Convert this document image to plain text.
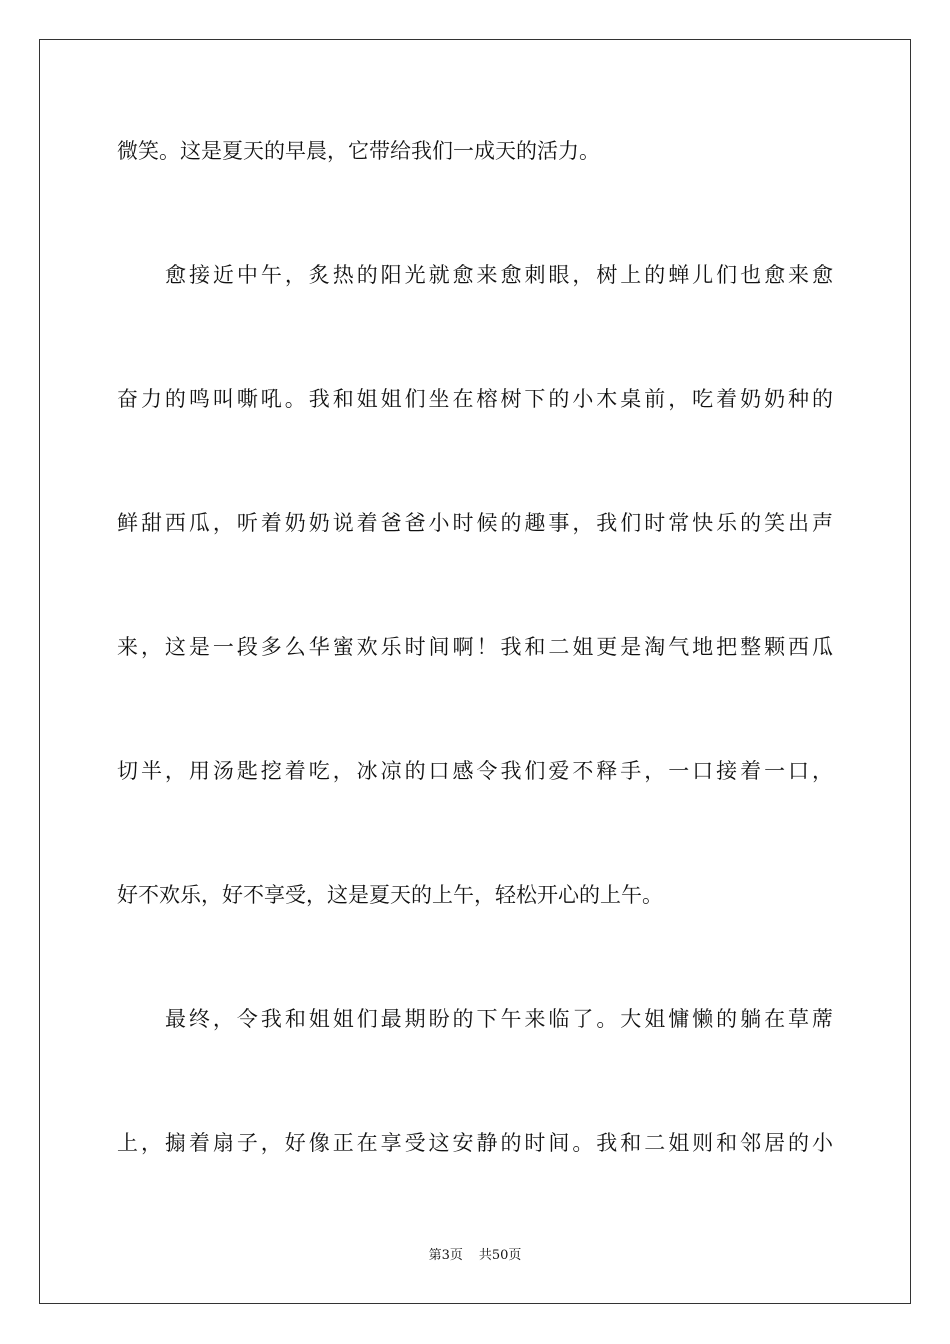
微笑。这是夏天的早晨，它带给我们一成天的活力。
愈接近中午，炙热的阳光就愈来愈刺眼，树上的蝉儿们也愈来愈
奋力的鸣叫嘶吼。我和姐姐们坐在榕树下的小木桌前，吃着奶奶种的
鲜甜西瓜，听着奶奶说着爸爸小时候的趣事，我们时常快乐的笑出声
来，这是一段多么华蜜欢乐时间啊！我和二姐更是淘气地把整颗西瓜
切半，用汤匙挖着吃，冰凉的口感令我们爱不释手，一口接着一口，
好不欢乐，好不享受，这是夏天的上午，轻松开心的上午。
最终，令我和姐姐们最期盼的下午来临了。大姐慵懒的躺在草蓆
上，搧着扇子，好像正在享受这安静的时间。我和二姐则和邻居的小
第3页 共50页
